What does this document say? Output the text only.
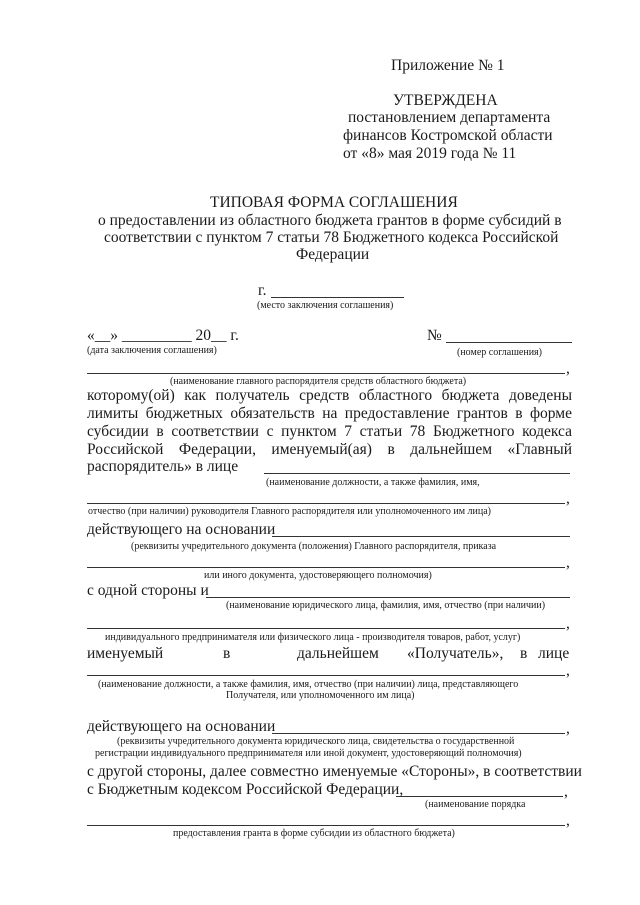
Приложение № 1
УТВЕРЖДЕНА
постановлением департамента
финансов Костромской области
от «8» мая 2019 года № 11
ТИПОВАЯ ФОРМА СОГЛАШЕНИЯ
о предоставлении из областного бюджета грантов в форме субсидий в
соответствии с пунктом 7 статьи 78 Бюджетного кодекса Российской
Федерации
г.
(место заключения соглашения)
«__» _________ 20__ г.
(дата заключения соглашения)
№
(номер соглашения)
,
(наименование главного распорядителя средств областного бюджета)
которому(ой) как получатель средств областного бюджета доведены
лимиты бюджетных обязательств на предоставление грантов в форме
субсидии в соответствии с пунктом 7 статьи 78 Бюджетного кодекса
Российской Федерации, именуемый(ая) в дальнейшем «Главный
распорядитель» в лице
(наименование должности, а также фамилия, имя,
,
отчество (при наличии) руководителя Главного распорядителя или уполномоченного им лица)
действующего на основании
(реквизиты учредительного документа (положения) Главного распорядителя, приказа
,
или иного документа, удостоверяющего полномочия)
с одной стороны и
(наименование юридического лица, фамилия, имя, отчество (при наличии)
,
индивидуального предпринимателя или физического лица - производителя товаров, работ, услуг)
именуемый	в	дальнейшем «Получатель», в лице
,
(наименование должности, а также фамилия, имя, отчество (при наличии) лица, представляющего
Получателя, или уполномоченного им лица)
действующего на основании	,
(реквизиты учредительного документа юридического лица, свидетельства о государственной
регистрации индивидуального предпринимателя или иной документ, удостоверяющий полномочия)
с другой стороны, далее совместно именуемые «Стороны», в соответствии
с Бюджетным кодексом Российской Федерации,	,
(наименование порядка
,
предоставления гранта в форме субсидии из областного бюджета)
